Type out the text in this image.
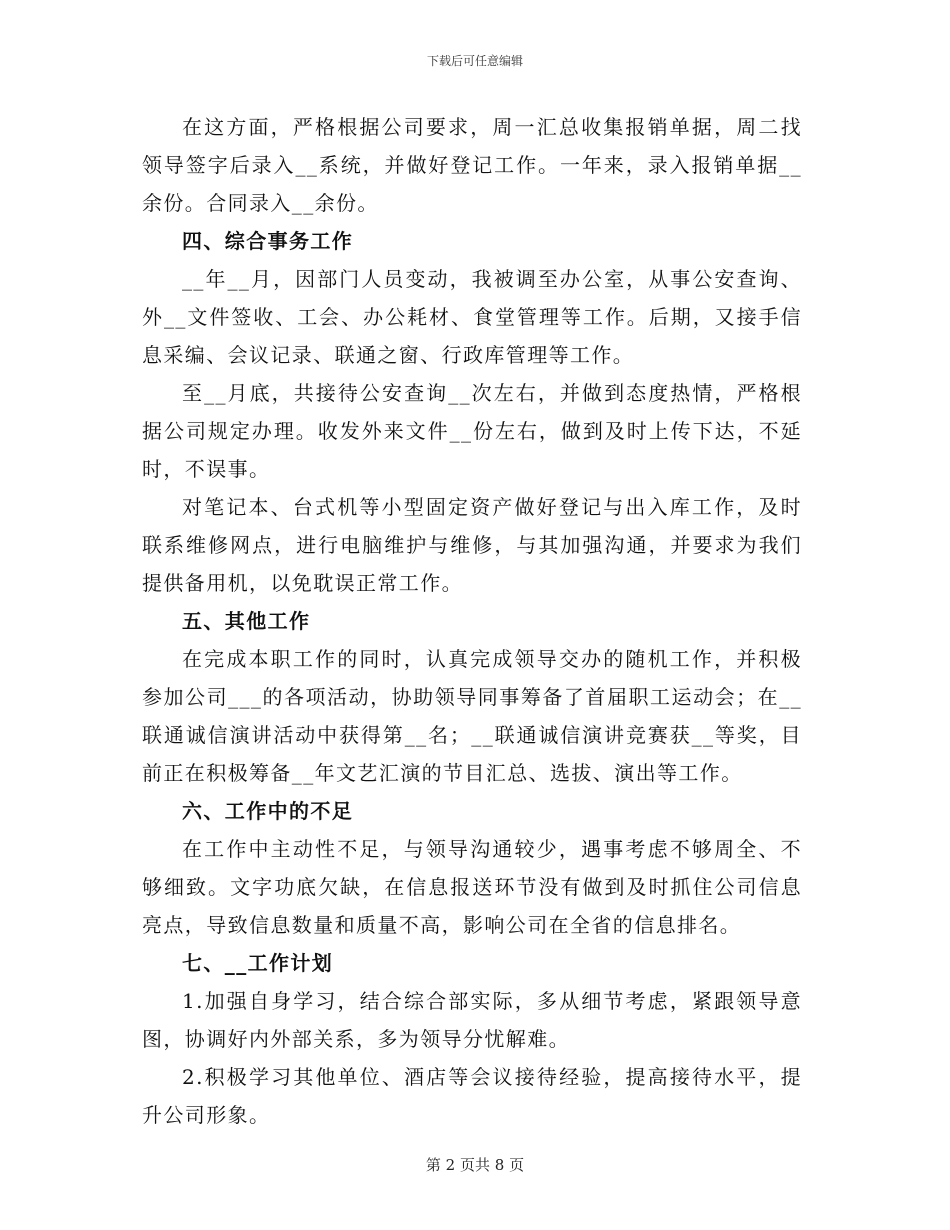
下载后可任意编辑

在这方面，严格根据公司要求，周一汇总收集报销单据，周二找领导签字后录入__系统，并做好登记工作。一年来，录入报销单据__余份。合同录入__余份。

四、综合事务工作

__年__月，因部门人员变动，我被调至办公室，从事公安查询、外__文件签收、工会、办公耗材、食堂管理等工作。后期，又接手信息采编、会议记录、联通之窗、行政库管理等工作。

至__月底，共接待公安查询__次左右，并做到态度热情，严格根据公司规定办理。收发外来文件__份左右，做到及时上传下达，不延时，不误事。

对笔记本、台式机等小型固定资产做好登记与出入库工作，及时联系维修网点，进行电脑维护与维修，与其加强沟通，并要求为我们提供备用机，以免耽误正常工作。

五、其他工作

在完成本职工作的同时，认真完成领导交办的随机工作，并积极参加公司___的各项活动，协助领导同事筹备了首届职工运动会；在__联通诚信演讲活动中获得第__名；__联通诚信演讲竞赛获__等奖，目前正在积极筹备__年文艺汇演的节目汇总、选拔、演出等工作。

六、工作中的不足

在工作中主动性不足，与领导沟通较少，遇事考虑不够周全、不够细致。文字功底欠缺，在信息报送环节没有做到及时抓住公司信息亮点，导致信息数量和质量不高，影响公司在全省的信息排名。

七、__工作计划

1.加强自身学习，结合综合部实际，多从细节考虑，紧跟领导意图，协调好内外部关系，多为领导分忧解难。

2.积极学习其他单位、酒店等会议接待经验，提高接待水平，提升公司形象。

第 2 页共 8 页
